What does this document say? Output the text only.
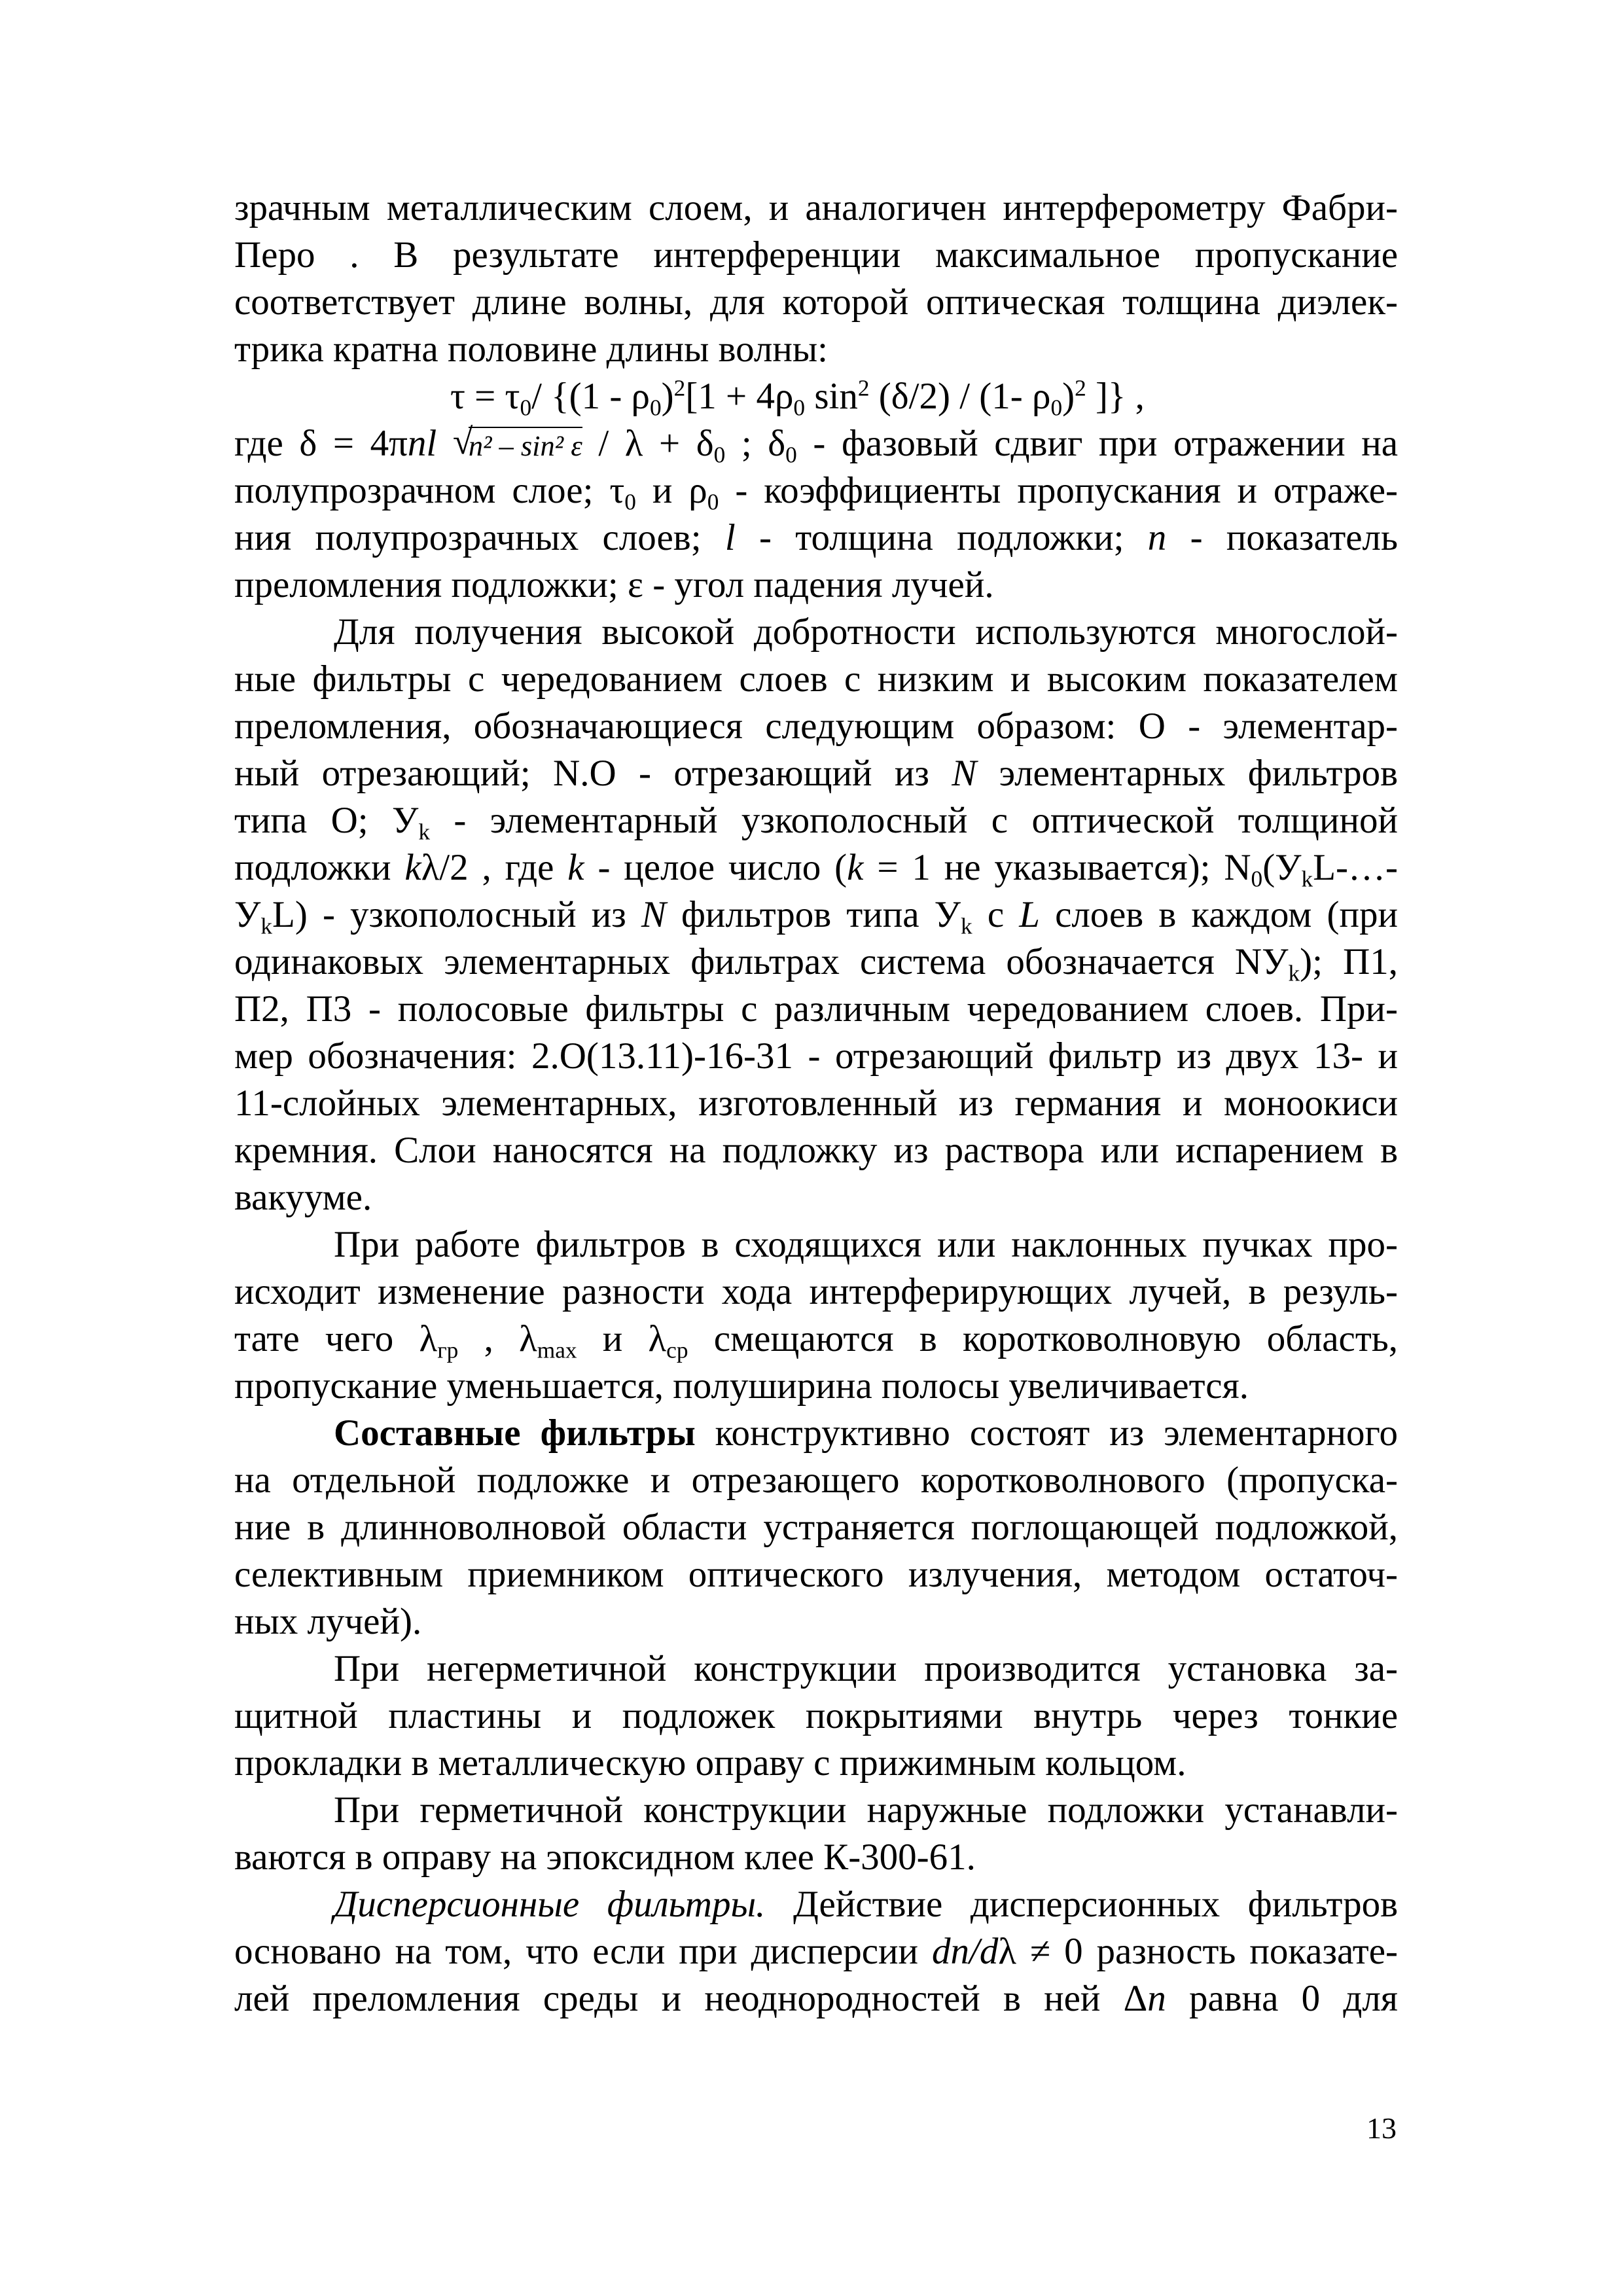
зрачным металлическим слоем, и аналогичен интерферометру Фабри-
Перо . В результате интерференции максимальное пропускание
соответствует длине волны, для которой оптическая толщина диэлек-
трика кратна половине длины волны:
$\tau = \tau_0/$ {$(1 - \rho_0)^2[1 + 4\rho_0$ $\sin^2 (\delta/2) / (1-$ $\rho_0)^2$ ]} ,
где δ = 4πnl √
n² – sin² $\varepsilon / \lambda + \delta_0$ ; $\delta_0$ - фазовый сдвиг при отражении на
полупрозрачном слое; $\tau_0$ и $\rho_0$ - коэффициенты пропускания и отраже-
ния полупрозрачных слоев; l - толщина подложки; n - показатель
преломления подложки; ε - угол падения лучей.
Для получения высокой добротности используются многослой-
ные фильтры с чередованием слоев с низким и высоким показателем
преломления, обозначающиеся следующим образом: О - элементар-
ный отрезающий; N.О - отрезающий из N элементарных фильтров
типа О; $У_k$ - элементарный узкополосный с оптической толщиной
подложки kλ/2 , где k - целое число (k = 1 не указывается); $N_0(У_kL-\dots-$
$У_kL$) - узкополосный из N фильтров типа $У_k$ с L слоев в каждом (при
одинаковых элементарных фильтрах система обозначается $NУ_k$); П1,
П2, П3 - полосовые фильтры с различным чередованием слоев. При-
мер обозначения: 2.О(13.11)-16-31 - отрезающий фильтр из двух 13- и
11-слойных элементарных, изготовленный из германия и моноокиси
кремния. Слои наносятся на подложку из раствора или испарением в
вакууме.
При работе фильтров в сходящихся или наклонных пучках про-
исходит изменение разности хода интерферирующих лучей, в резуль-
тате чего $\lambda_{гр}$ , $\lambda_{max}$ и $\lambda_{ср}$ смещаются в коротковолновую область,
пропускание уменьшается, полуширина полосы увеличивается.
Составные фильтры конструктивно состоят из элементарного
на отдельной подложке и отрезающего коротковолнового (пропуска-
ние в длинноволновой области устраняется поглощающей подложкой,
селективным приемником оптического излучения, методом остаточ-
ных лучей).
При негерметичной конструкции производится установка за-
щитной пластины и подложек покрытиями внутрь через тонкие
прокладки в металлическую оправу с прижимным кольцом.
При герметичной конструкции наружные подложки устанавли-
ваются в оправу на эпоксидном клее К-300-61.
Дисперсионные фильтры. Действие дисперсионных фильтров
основано на том, что если при дисперсии dn/dλ ≠ 0 разность показате-
лей преломления среды и неоднородностей в ней Δn равна 0 для
13
